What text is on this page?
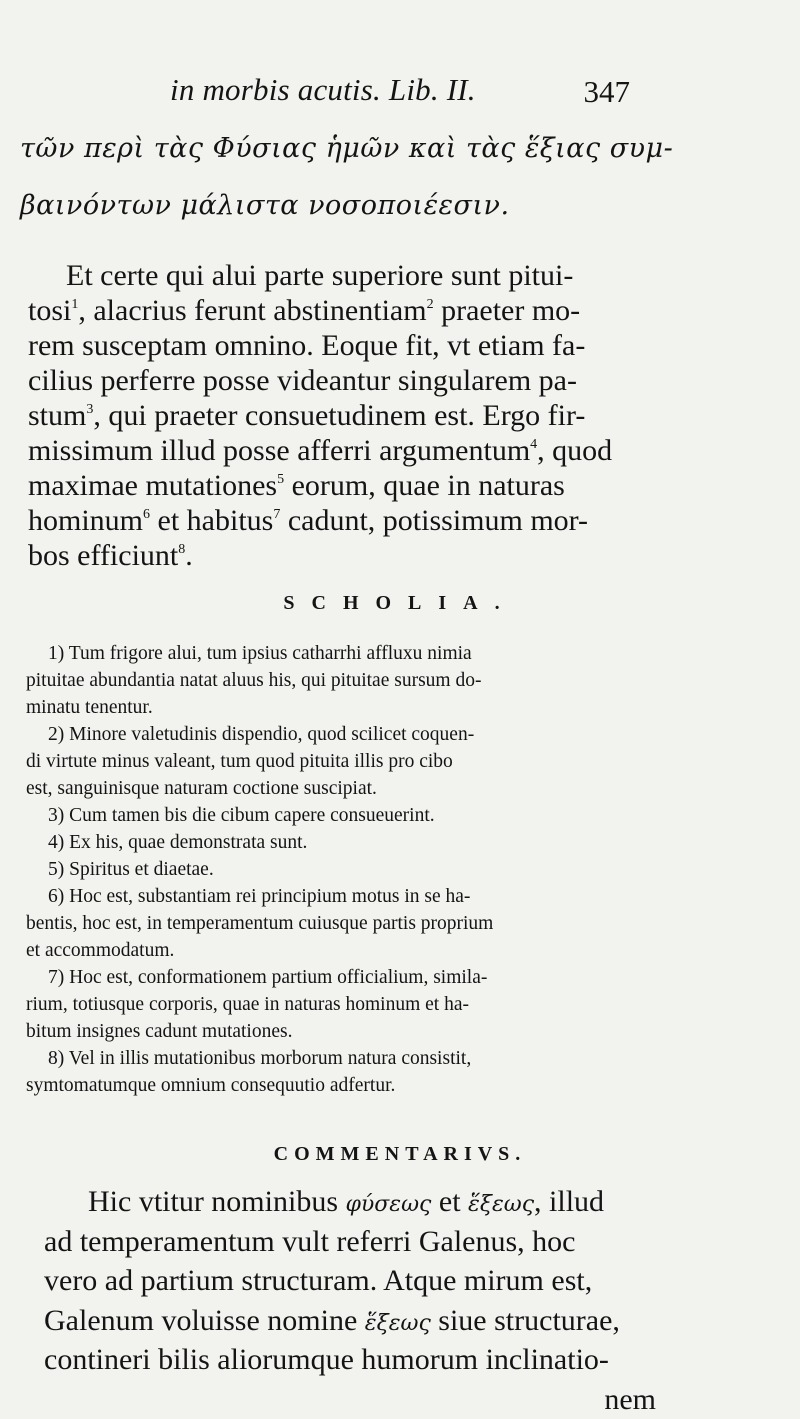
in morbis acutis. Lib. II.	347
τῶν περὶ τὰς Φύσιας ἡμῶν καὶ τὰς ἕξιας συμ-
βαινόντων μάλιστα νοσοποιέεσιν.
Et certe qui alui parte superiore sunt pitui-
tosi$^1$, alacrius ferunt abstinentiam$^2$ praeter mo-
rem susceptam omnino. Eoque fit, vt etiam fa-
cilius perferre posse videantur singularem pa-
stum$^3$, qui praeter consuetudinem est. Ergo fir-
missimum illud posse afferri argumentum$^4$, quod
maximae mutationes$^5$ eorum, quae in naturas
hominum$^6$ et habitus$^7$ cadunt, potissimum mor-
bos efficiunt$^8$.
SCHOLIA.
1) Tum frigore alui, tum ipsius catharrhi affluxu nimia
pituitae abundantia natat aluus his, qui pituitae sursum do-
minatu tenentur.
2) Minore valetudinis dispendio, quod scilicet coquen-
di virtute minus valeant, tum quod pituita illis pro cibo
est, sanguinisque naturam coctione suscipiat.
3) Cum tamen bis die cibum capere consueuerint.
4) Ex his, quae demonstrata sunt.
5) Spiritus et diaetae.
6) Hoc est, substantiam rei principium motus in se ha-
bentis, hoc est, in temperamentum cuiusque partis proprium
et accommodatum.
7) Hoc est, conformationem partium officialium, simila-
rium, totiusque corporis, quae in naturas hominum et ha-
bitum insignes cadunt mutationes.
8) Vel in illis mutationibus morborum natura consistit,
symtomatumque omnium consequutio adfertur.
COMMENTARIVS.
Hic vtitur nominibus φύσεως et ἕξεως, illud
ad temperamentum vult referri Galenus, hoc
vero ad partium structuram. Atque mirum est,
Galenum voluisse nomine ἕξεως siue structurae,
contineri bilis aliorumque humorum inclinatio-
nem
